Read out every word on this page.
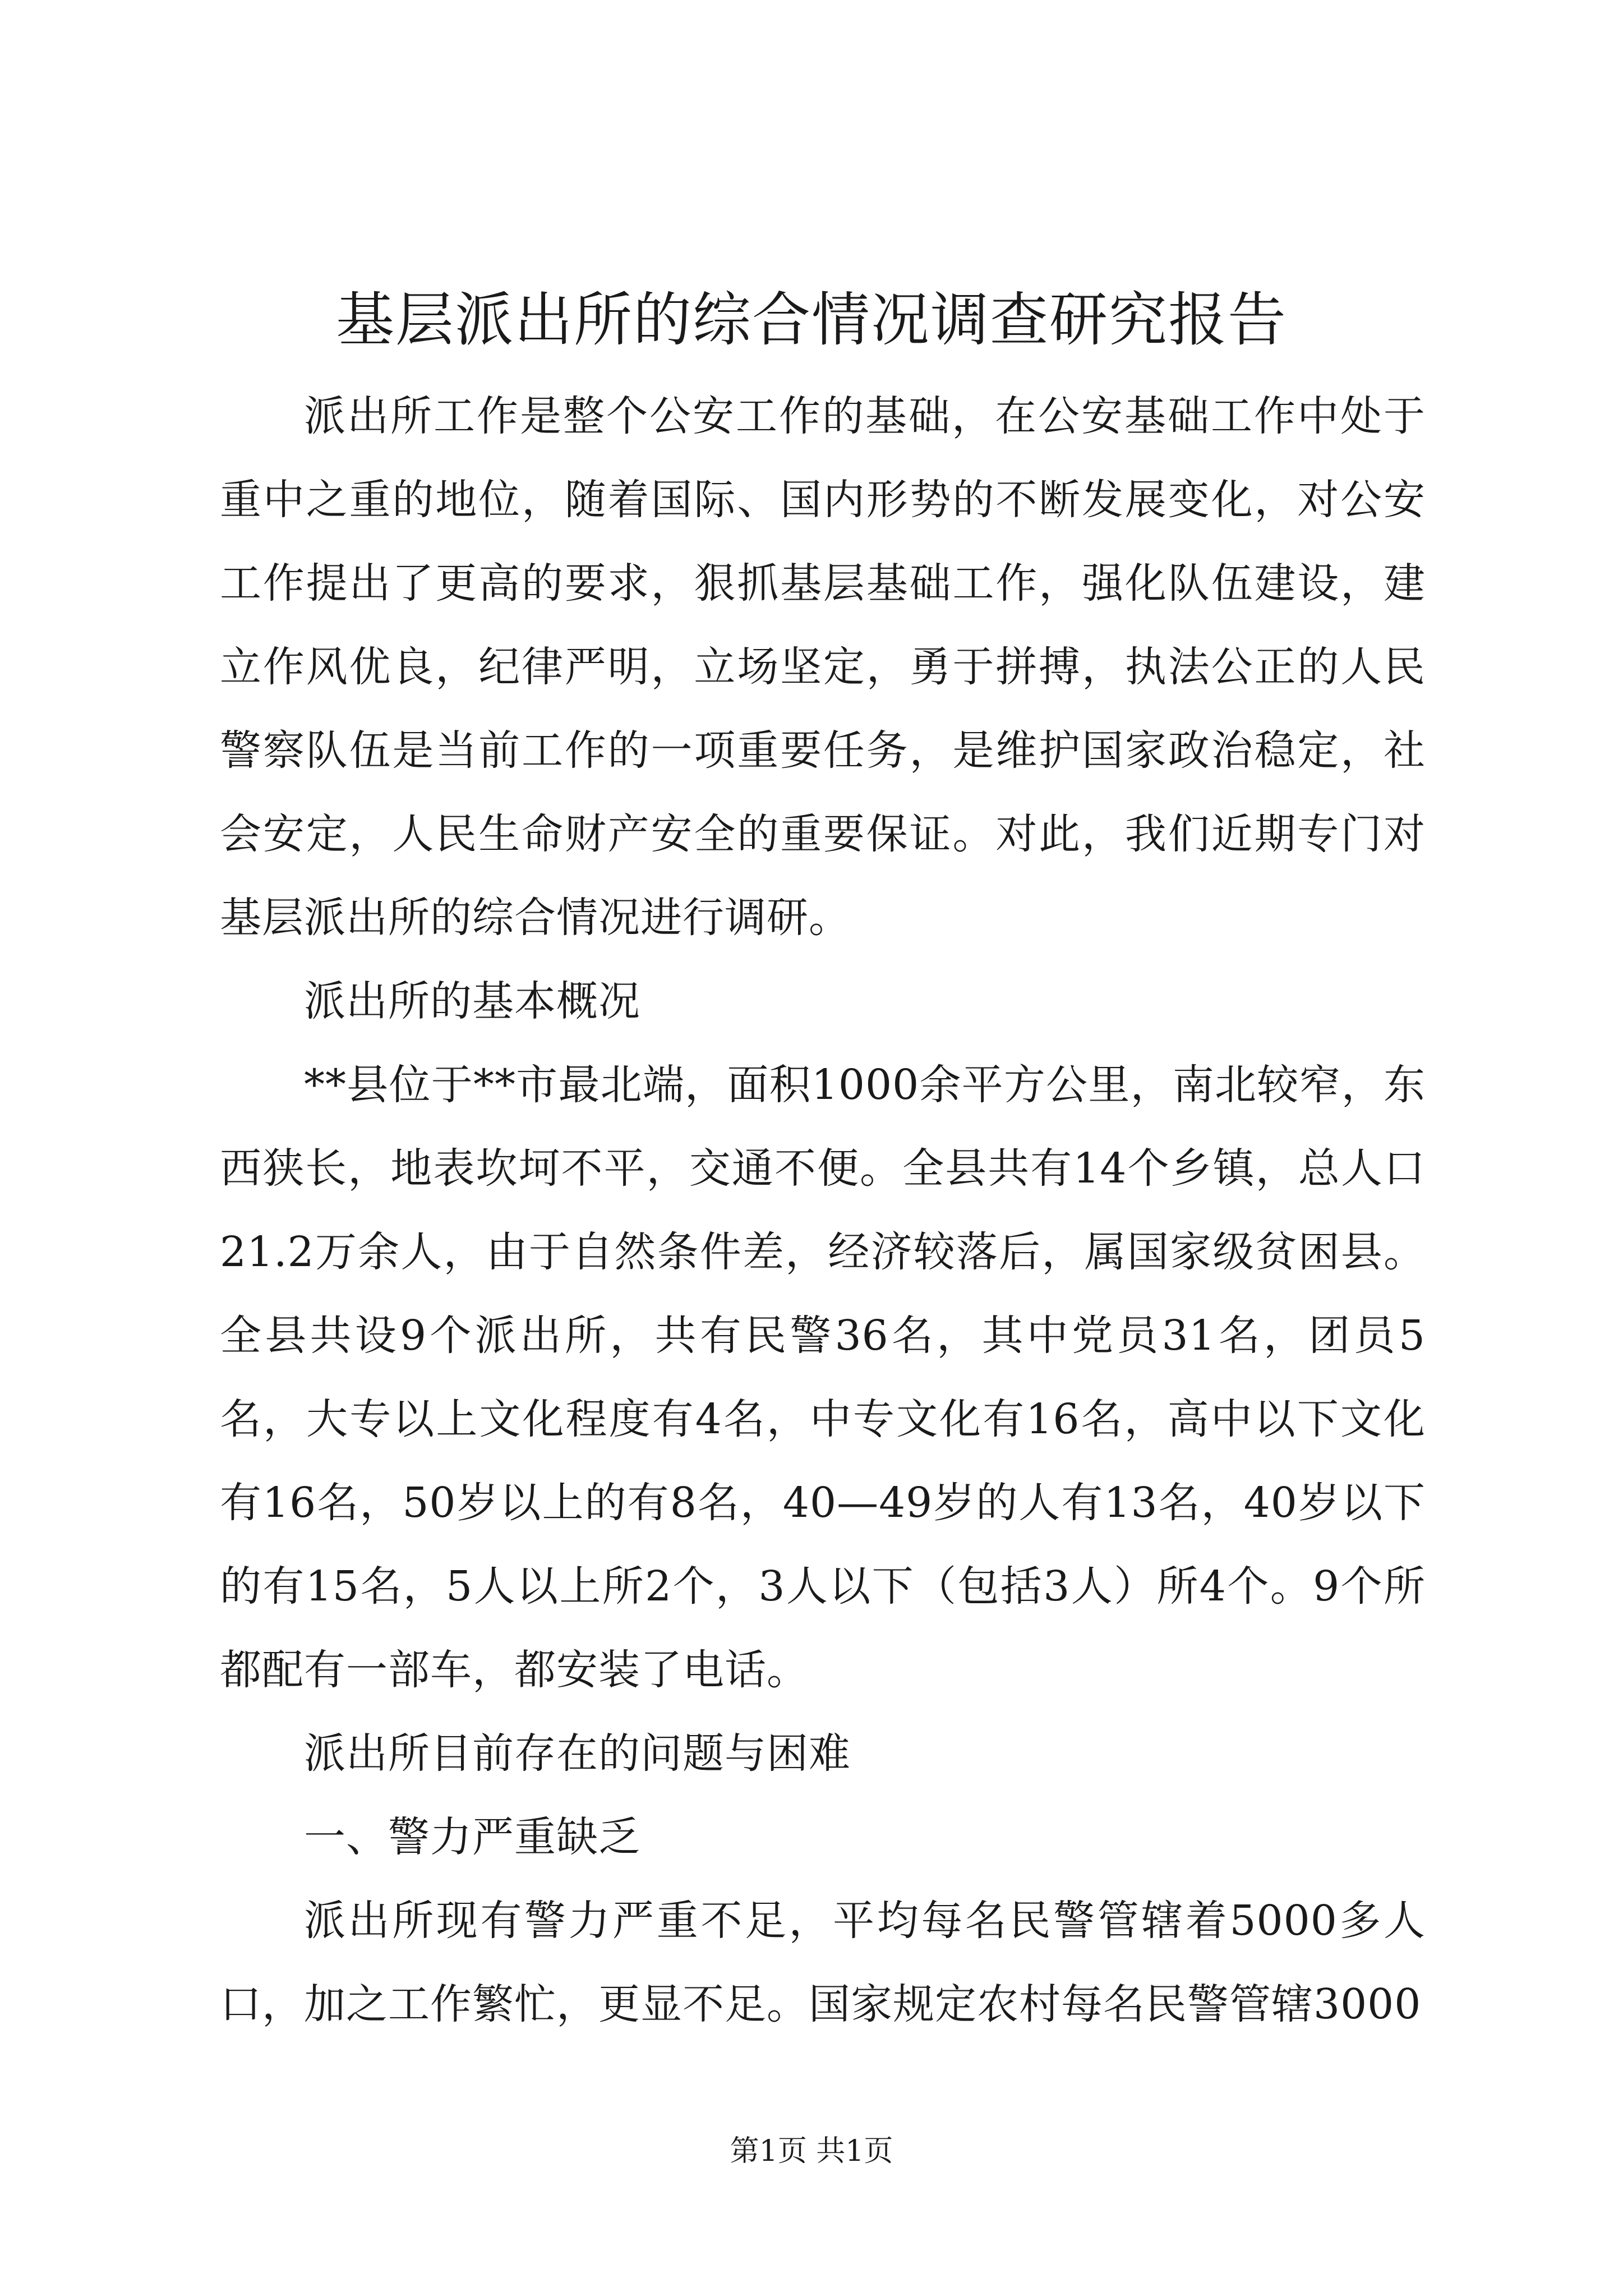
基层派出所的综合情况调查研究报告

派出所工作是整个公安工作的基础，在公安基础工作中处于重中之重的地位，随着国际、国内形势的不断发展变化，对公安工作提出了更高的要求，狠抓基层基础工作，强化队伍建设，建立作风优良，纪律严明，立场坚定，勇于拼搏，执法公正的人民警察队伍是当前工作的一项重要任务，是维护国家政治稳定，社会安定，人民生命财产安全的重要保证。对此，我们近期专门对基层派出所的综合情况进行调研。

派出所的基本概况

**县位于**市最北端，面积1000余平方公里，南北较窄，东西狭长，地表坎坷不平，交通不便。全县共有14个乡镇，总人口21.2万余人，由于自然条件差，经济较落后，属国家级贫困县。全县共设9个派出所，共有民警36名，其中党员31名，团员5名，大专以上文化程度有4名，中专文化有16名，高中以下文化有16名，50岁以上的有8名，40—49岁的人有13名，40岁以下的有15名，5人以上所2个，3人以下（包括3人）所4个。9个所都配有一部车，都安装了电话。

派出所目前存在的问题与困难

一、警力严重缺乏

派出所现有警力严重不足，平均每名民警管辖着5000多人口，加之工作繁忙，更显不足。国家规定农村每名民警管辖3000

第1页 共1页
